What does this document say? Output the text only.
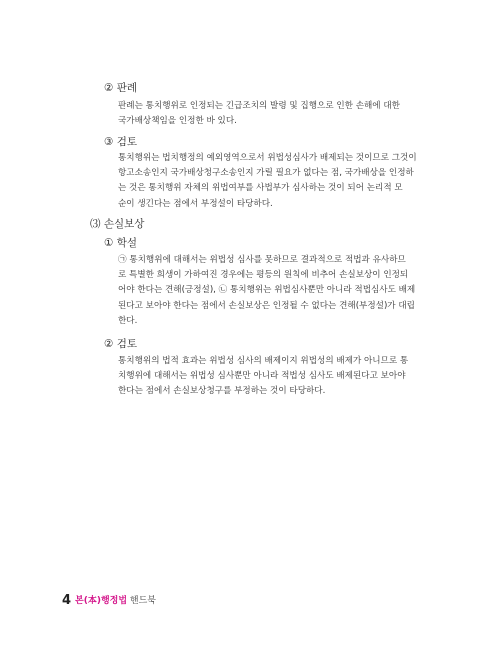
② 판례
판례는 통치행위로 인정되는 긴급조치의 발령 및 집행으로 인한 손해에 대한
국가배상책임을 인정한 바 있다.
③ 검토
통치행위는 법치행정의 예외영역으로서 위법성심사가 배제되는 것이므로 그것이
항고소송인지 국가배상청구소송인지 가릴 필요가 없다는 점, 국가배상을 인정하
는 것은 통치행위 자체의 위법여부를 사법부가 심사하는 것이 되어 논리적 모
순이 생긴다는 점에서 부정설이 타당하다.
⑶ 손실보상
① 학설
㉠ 통치행위에 대해서는 위법성 심사를 못하므로 결과적으로 적법과 유사하므
로 특별한 희생이 가하여진 경우에는 평등의 원칙에 비추어 손실보상이 인정되
어야 한다는 견해(긍정설), ㉡ 통치행위는 위법심사뿐만 아니라 적법심사도 배제
된다고 보아야 한다는 점에서 손실보상은 인정될 수 없다는 견해(부정설)가 대립
한다.
② 검토
통치행위의 법적 효과는 위법성 심사의 배제이지 위법성의 배제가 아니므로 통
치행위에 대해서는 위법성 심사뿐만 아니라 적법성 심사도 배제된다고 보아야
한다는 점에서 손실보상청구를 부정하는 것이 타당하다.
4 본(本)행정법 핸드북
